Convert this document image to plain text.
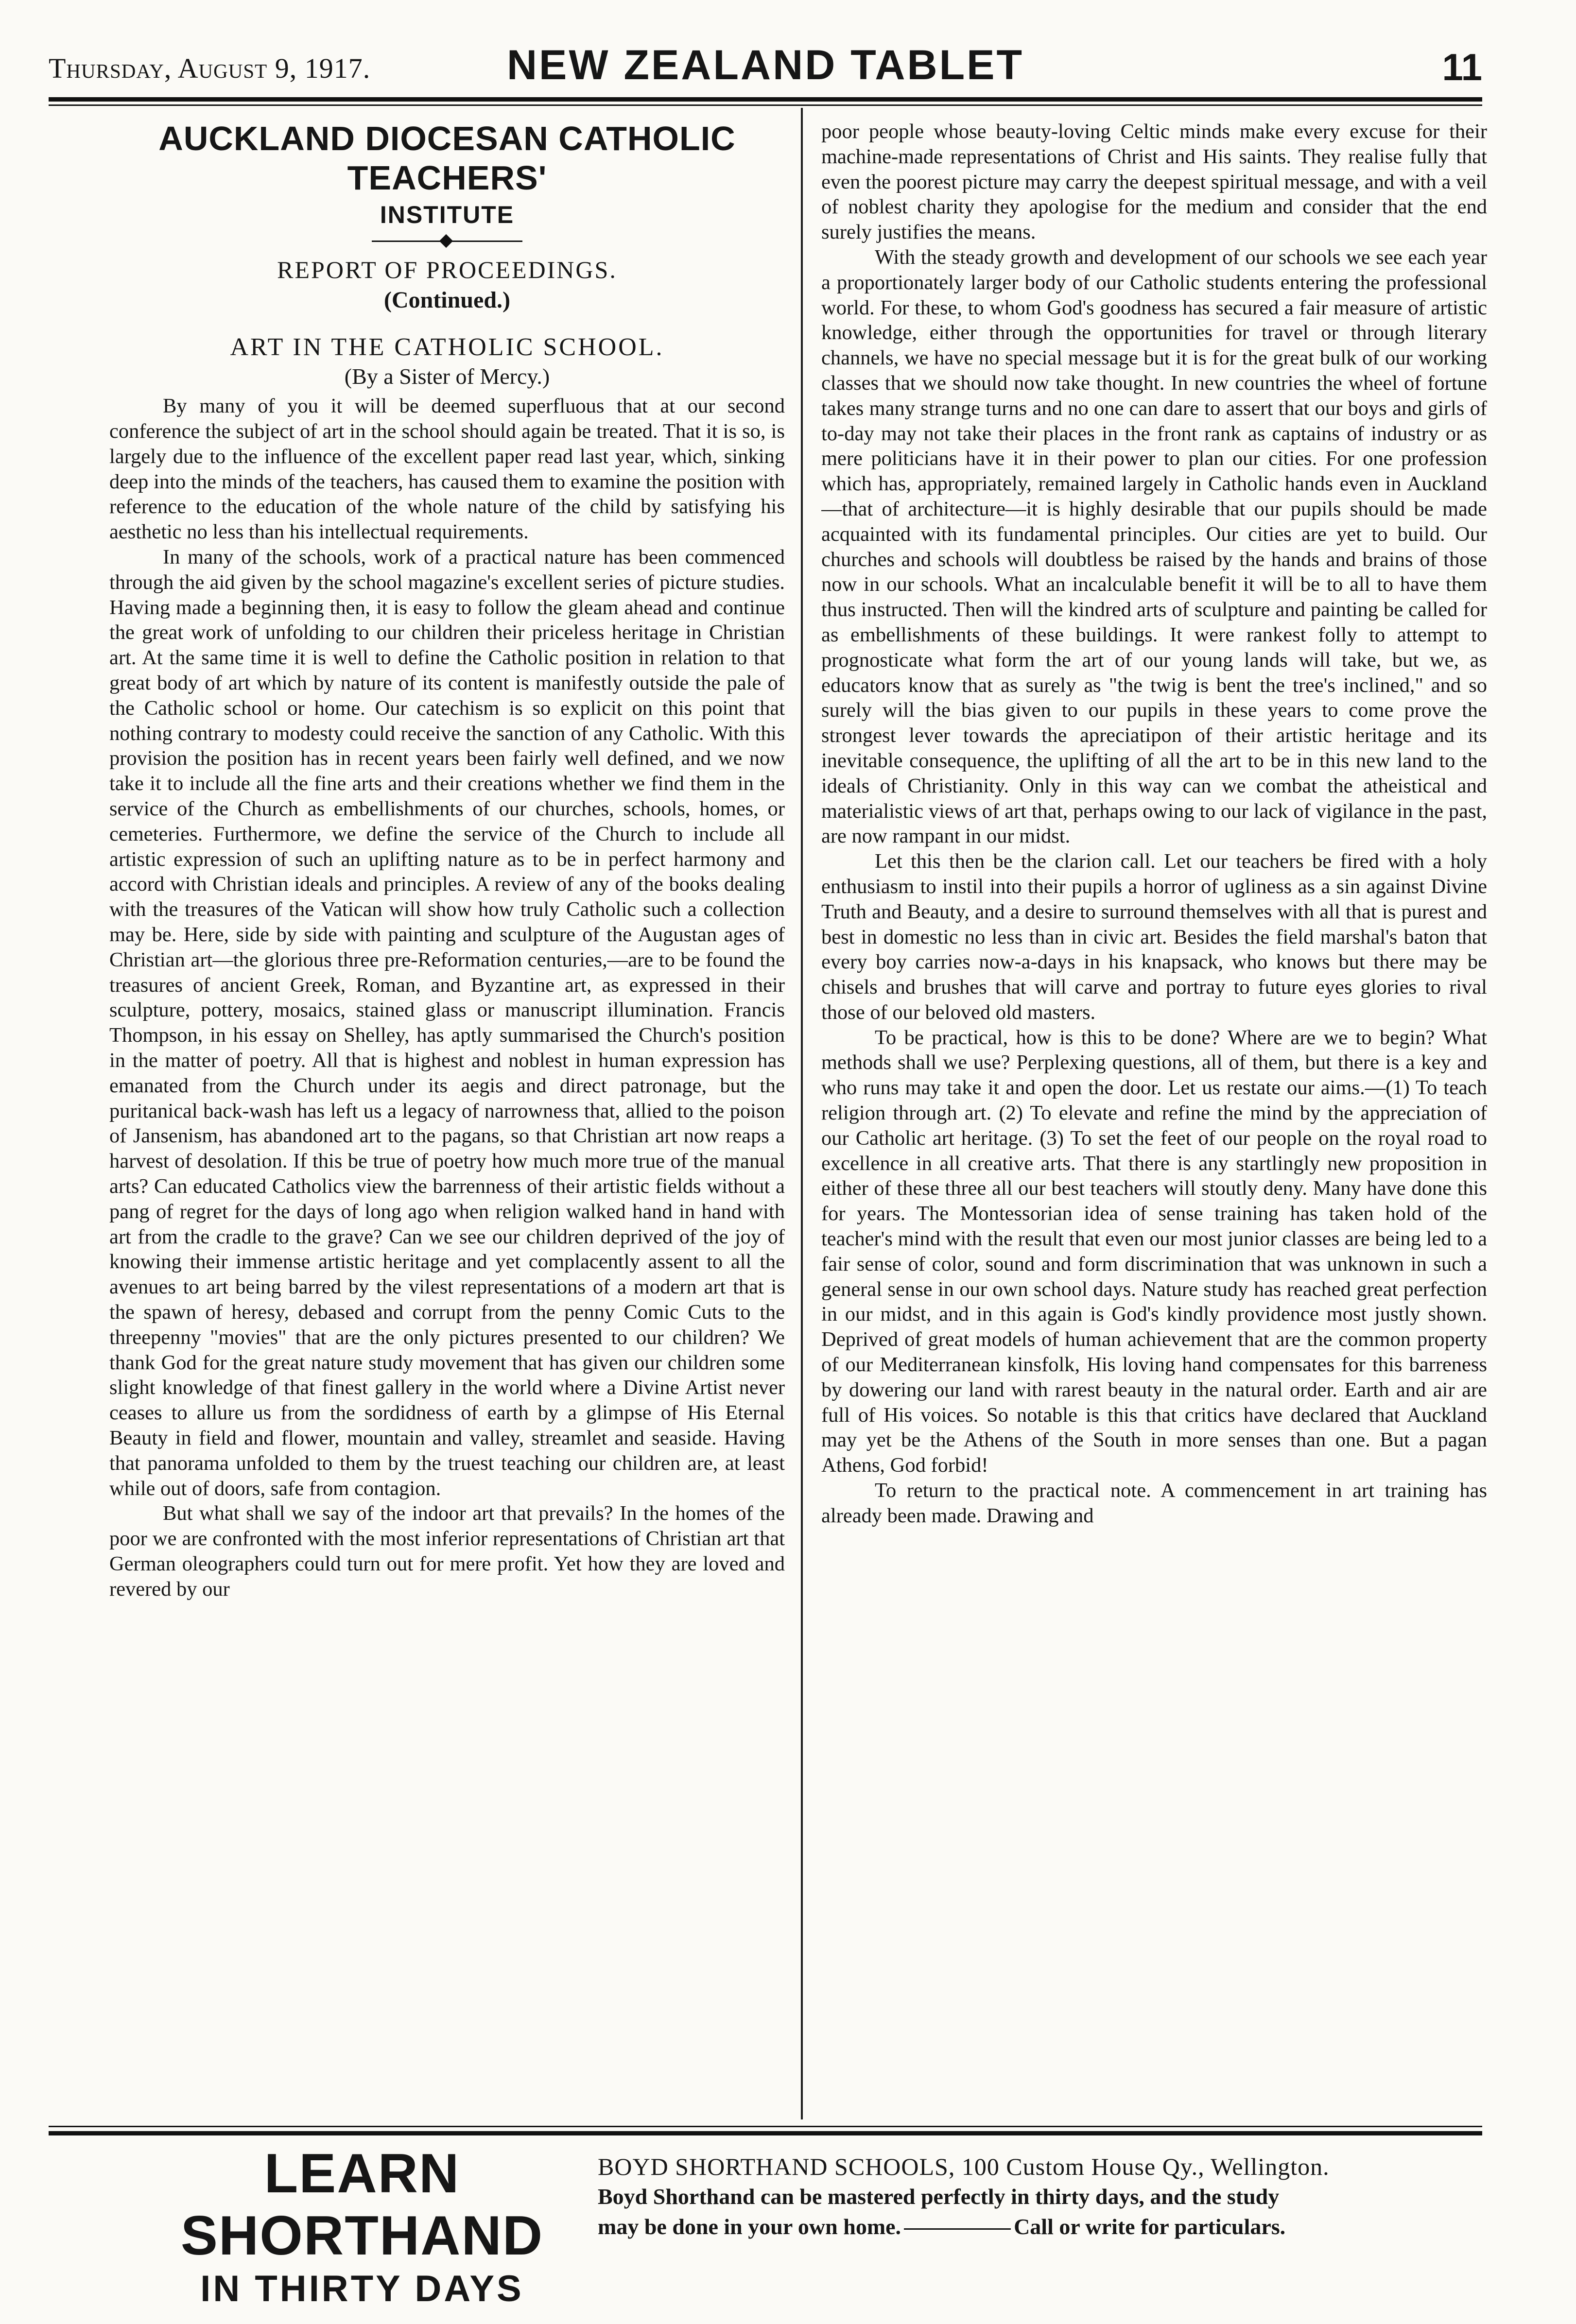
Thursday, August 9, 1917.	NEW ZEALAND TABLET	11
AUCKLAND DIOCESAN CATHOLIC TEACHERS'
INSTITUTE

REPORT OF PROCEEDINGS.

(Continued.)

ART IN THE CATHOLIC SCHOOL.

(By a Sister of Mercy.)

By many of you it will be deemed superfluous that at our second conference the subject of art in the school should again be treated. That it is so, is largely due to the influence of the excellent paper read last year, which, sinking deep into the minds of the teachers, has caused them to examine the position with reference to the education of the whole nature of the child by satisfying his aesthetic no less than his intellectual requirements.

In many of the schools, work of a practical nature has been commenced through the aid given by the school magazine's excellent series of picture studies. Having made a beginning then, it is easy to follow the gleam ahead and continue the great work of unfolding to our children their priceless heritage in Christian art. At the same time it is well to define the Catholic position in relation to that great body of art which by nature of its content is manifestly outside the pale of the Catholic school or home. Our catechism is so explicit on this point that nothing contrary to modesty could receive the sanction of any Catholic. With this provision the position has in recent years been fairly well defined, and we now take it to include all the fine arts and their creations whether we find them in the service of the Church as embellishments of our churches, schools, homes, or cemeteries. Furthermore, we define the service of the Church to include all artistic expression of such an uplifting nature as to be in perfect harmony and accord with Christian ideals and principles. A review of any of the books dealing with the treasures of the Vatican will show how truly Catholic such a collection may be. Here, side by side with painting and sculpture of the Augustan ages of Christian art—the glorious three pre-Reformation centuries,—are to be found the treasures of ancient Greek, Roman, and Byzantine art, as expressed in their sculpture, pottery, mosaics, stained glass or manuscript illumination. Francis Thompson, in his essay on Shelley, has aptly summarised the Church's position in the matter of poetry. All that is highest and noblest in human expression has emanated from the Church under its aegis and direct patronage, but the puritanical back-wash has left us a legacy of narrowness that, allied to the poison of Jansenism, has abandoned art to the pagans, so that Christian art now reaps a harvest of desolation. If this be true of poetry how much more true of the manual arts? Can educated Catholics view the barrenness of their artistic fields without a pang of regret for the days of long ago when religion walked hand in hand with art from the cradle to the grave? Can we see our children deprived of the joy of knowing their immense artistic heritage and yet complacently assent to all the avenues to art being barred by the vilest representations of a modern art that is the spawn of heresy, debased and corrupt from the penny Comic Cuts to the threepenny "movies" that are the only pictures presented to our children? We thank God for the great nature study movement that has given our children some slight knowledge of that finest gallery in the world where a Divine Artist never ceases to allure us from the sordidness of earth by a glimpse of His Eternal Beauty in field and flower, mountain and valley, streamlet and seaside. Having that panorama unfolded to them by the truest teaching our children are, at least while out of doors, safe from contagion.

But what shall we say of the indoor art that prevails? In the homes of the poor we are confronted with the most inferior representations of Christian art that German oleographers could turn out for mere profit. Yet how they are loved and revered by our

poor people whose beauty-loving Celtic minds make every excuse for their machine-made representations of Christ and His saints. They realise fully that even the poorest picture may carry the deepest spiritual message, and with a veil of noblest charity they apologise for the medium and consider that the end surely justifies the means.

With the steady growth and development of our schools we see each year a proportionately larger body of our Catholic students entering the professional world. For these, to whom God's goodness has secured a fair measure of artistic knowledge, either through the opportunities for travel or through literary channels, we have no special message but it is for the great bulk of our working classes that we should now take thought. In new countries the wheel of fortune takes many strange turns and no one can dare to assert that our boys and girls of to-day may not take their places in the front rank as captains of industry or as mere politicians have it in their power to plan our cities. For one profession which has, appropriately, remained largely in Catholic hands even in Auckland—that of architecture—it is highly desirable that our pupils should be made acquainted with its fundamental principles. Our cities are yet to build. Our churches and schools will doubtless be raised by the hands and brains of those now in our schools. What an incalculable benefit it will be to all to have them thus instructed. Then will the kindred arts of sculpture and painting be called for as embellishments of these buildings. It were rankest folly to attempt to prognosticate what form the art of our young lands will take, but we, as educators know that as surely as "the twig is bent the tree's inclined," and so surely will the bias given to our pupils in these years to come prove the strongest lever towards the apreciatipon of their artistic heritage and its inevitable consequence, the uplifting of all the art to be in this new land to the ideals of Christianity. Only in this way can we combat the atheistical and materialistic views of art that, perhaps owing to our lack of vigilance in the past, are now rampant in our midst.

Let this then be the clarion call. Let our teachers be fired with a holy enthusiasm to instil into their pupils a horror of ugliness as a sin against Divine Truth and Beauty, and a desire to surround themselves with all that is purest and best in domestic no less than in civic art. Besides the field marshal's baton that every boy carries now-a-days in his knapsack, who knows but there may be chisels and brushes that will carve and portray to future eyes glories to rival those of our beloved old masters.

To be practical, how is this to be done? Where are we to begin? What methods shall we use? Perplexing questions, all of them, but there is a key and who runs may take it and open the door. Let us restate our aims.—(1) To teach religion through art. (2) To elevate and refine the mind by the appreciation of our Catholic art heritage. (3) To set the feet of our people on the royal road to excellence in all creative arts. That there is any startlingly new proposition in either of these three all our best teachers will stoutly deny. Many have done this for years. The Montessorian idea of sense training has taken hold of the teacher's mind with the result that even our most junior classes are being led to a fair sense of color, sound and form discrimination that was unknown in such a general sense in our own school days. Nature study has reached great perfection in our midst, and in this again is God's kindly providence most justly shown. Deprived of great models of human achievement that are the common property of our Mediterranean kinsfolk, His loving hand compensates for this barreness by dowering our land with rarest beauty in the natural order. Earth and air are full of His voices. So notable is this that critics have declared that Auckland may yet be the Athens of the South in more senses than one. But a pagan Athens, God forbid!

To return to the practical note. A commencement in art training has already been made. Drawing and

LEARN SHORTHAND

IN THIRTY DAYS

BOYD SHORTHAND SCHOOLS, 100 Custom House Qy., Wellington.

Boyd Shorthand can be mastered perfectly in thirty days, and the study

may be done in your own home.	Call or write for particulars.
